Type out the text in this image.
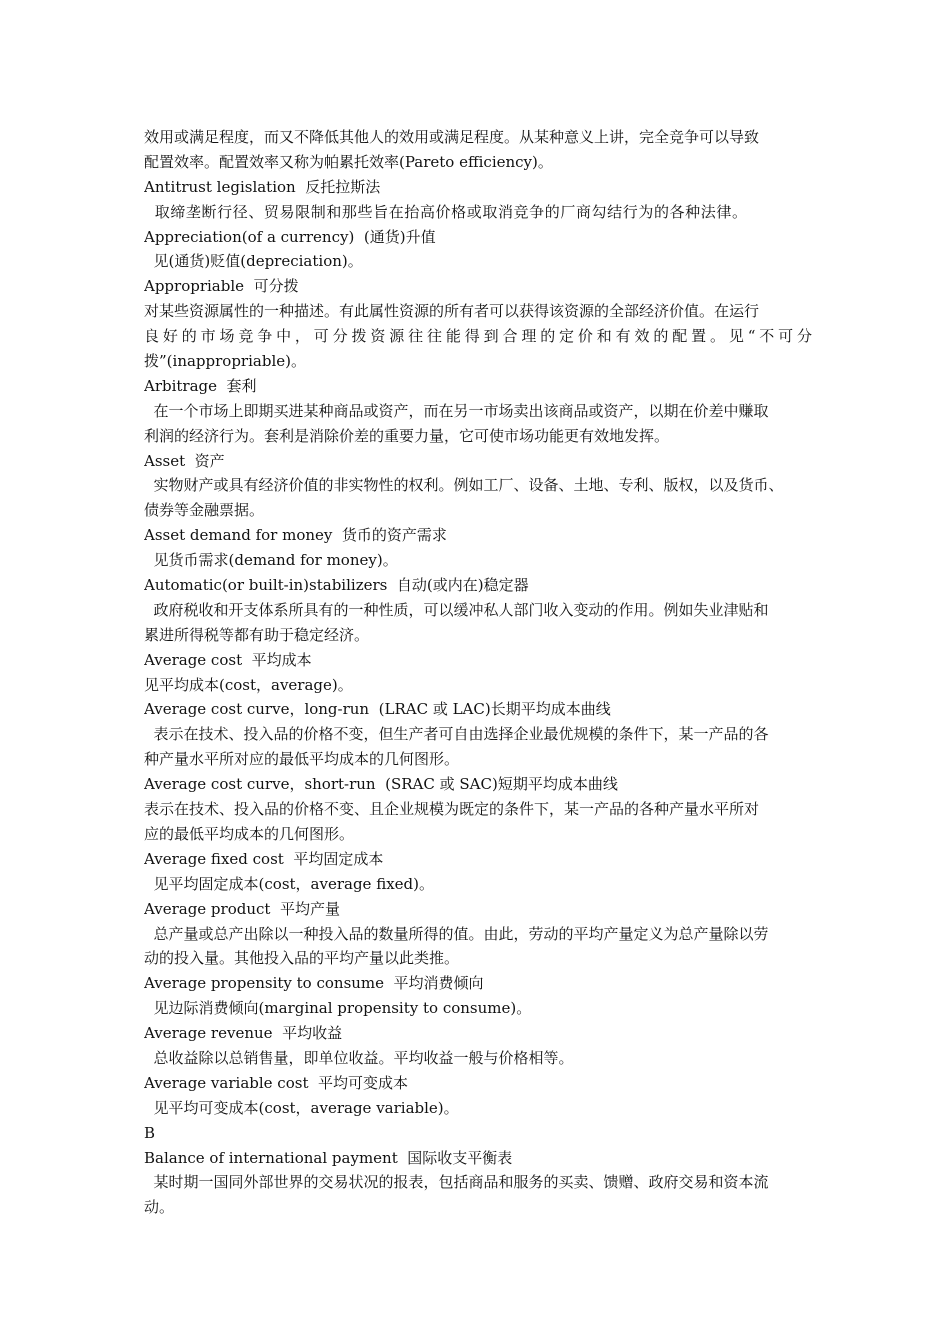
效用或满足程度，而又不降低其他人的效用或满足程度。从某种意义上讲，完全竞争可以导致
配置效率。配置效率又称为帕累托效率(Pareto efficiency)。
Antitrust legislation  反托拉斯法
取缔垄断行径、贸易限制和那些旨在抬高价格或取消竞争的厂商勾结行为的各种法律。
Appreciation(of a currency)  (通货)升值
见(通货)贬值(depreciation)。
Appropriable  可分拨
对某些资源属性的一种描述。有此属性资源的所有者可以获得该资源的全部经济价值。在运行
良好的市场竞争中，可分拨资源往往能得到合理的定价和有效的配置。见“不可分
拨”(inappropriable)。
Arbitrage  套利
在一个市场上即期买进某种商品或资产，而在另一市场卖出该商品或资产，以期在价差中赚取
利润的经济行为。套利是消除价差的重要力量，它可使市场功能更有效地发挥。
Asset  资产
实物财产或具有经济价值的非实物性的权利。例如工厂、设备、土地、专利、版权，以及货币、
债券等金融票据。
Asset demand for money  货币的资产需求
见货币需求(demand for money)。
Automatic(or built-in)stabilizers  自动(或内在)稳定器
政府税收和开支体系所具有的一种性质，可以缓冲私人部门收入变动的作用。例如失业津贴和
累进所得税等都有助于稳定经济。
Average cost  平均成本
见平均成本(cost，average)。
Average cost curve，long-run  (LRAC 或 LAC)长期平均成本曲线
表示在技术、投入品的价格不变，但生产者可自由选择企业最优规模的条件下，某一产品的各
种产量水平所对应的最低平均成本的几何图形。
Average cost curve，short-run  (SRAC 或 SAC)短期平均成本曲线
表示在技术、投入品的价格不变、且企业规模为既定的条件下，某一产品的各种产量水平所对
应的最低平均成本的几何图形。
Average fixed cost  平均固定成本
见平均固定成本(cost，average fixed)。
Average product  平均产量
总产量或总产出除以一种投入品的数量所得的值。由此，劳动的平均产量定义为总产量除以劳
动的投入量。其他投入品的平均产量以此类推。
Average propensity to consume  平均消费倾向
见边际消费倾向(marginal propensity to consume)。
Average revenue  平均收益
总收益除以总销售量，即单位收益。平均收益一般与价格相等。
Average variable cost  平均可变成本
见平均可变成本(cost，average variable)。
B
Balance of international payment  国际收支平衡表
某时期一国同外部世界的交易状况的报表，包括商品和服务的买卖、馈赠、政府交易和资本流
动。
